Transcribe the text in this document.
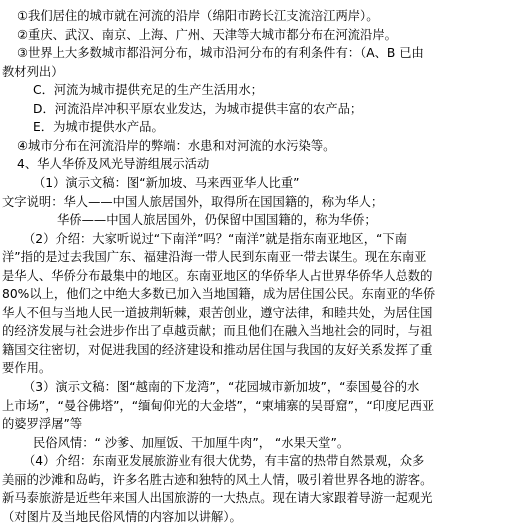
①我们居住的城市就在河流的沿岸（绵阳市跨长江支流涪江两岸）。
②重庆、武汉、南京、上海、广州、天津等大城市都分布在河流沿岸。
③世界上大多数城市都沿河分布，城市沿河分布的有利条件有：（A、B 已由
教材列出）
C．河流为城市提供充足的生产生活用水；
D．河流沿岸冲积平原农业发达，为城市提供丰富的农产品；
E．为城市提供水产品。
④城市分布在河流沿岸的弊端：水患和对河流的水污染等。
4、华人华侨及风光导游组展示活动
（1）演示文稿：图“新加坡、马来西亚华人比重”
文字说明：华人——中国人旅居国外，取得所在国国籍的，称为华人；
华侨——中国人旅居国外，仍保留中国国籍的，称为华侨；
（2）介绍：大家听说过“下南洋”吗？“南洋”就是指东南亚地区，“下南
洋”指的是过去我国广东、福建沿海一带人民到东南亚一带去谋生。现在东南亚
是华人、华侨分布最集中的地区。东南亚地区的华侨华人占世界华侨华人总数的
80%以上，他们之中绝大多数已加入当地国籍，成为居住国公民。东南亚的华侨
华人不但与当地人民一道披荆斩棘，艰苦创业，遵守法律，和睦共处，为居住国
的经济发展与社会进步作出了卓越贡献；而且他们在融入当地社会的同时，与祖
籍国交往密切，对促进我国的经济建设和推动居住国与我国的友好关系发挥了重
要作用。
（3）演示文稿：图“越南的下龙湾”，“花园城市新加坡”，“泰国曼谷的水
上市场”，“曼谷佛塔”，“缅甸仰光的大金塔”，“柬埔寨的吴哥窟”，“印度尼西亚
的婆罗浮屠”等
民俗风情：“ 沙爹、加厘饭、干加厘牛肉”， “水果天堂”。
（4）介绍：东南亚发展旅游业有很大优势，有丰富的热带自然景观，众多
美丽的沙滩和岛屿，许多名胜古迹和独特的风土人情，吸引着世界各地的游客。
新马泰旅游是近些年来国人出国旅游的一大热点。现在请大家跟着导游一起观光
（对图片及当地民俗风情的内容加以讲解）。
